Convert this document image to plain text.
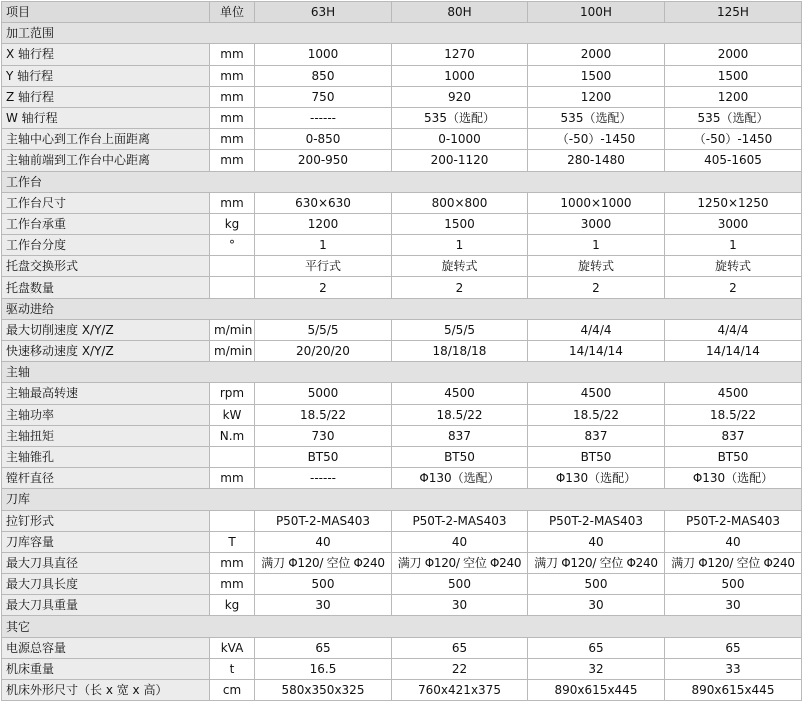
项目	单位	63H	80H	100H	125H
加工范围					
X 轴行程	mm	1000	1270	2000	2000
Y 轴行程	mm	850	1000	1500	1500
Z 轴行程	mm	750	920	1200	1200
W 轴行程	mm	------	535（选配）	535（选配）	535（选配）
主轴中心到工作台上面距离	mm	0-850	0-1000	（-50）-1450	（-50）-1450
主轴前端到工作台中心距离	mm	200-950	200-1120	280-1480	405-1605
工作台					
工作台尺寸	mm	630×630	800×800	1000×1000	1250×1250
工作台承重	kg	1200	1500	3000	3000
工作台分度	°	1	1	1	1
托盘交换形式		平行式	旋转式	旋转式	旋转式
托盘数量		2	2	2	2
驱动进给					
最大切削速度 X/Y/Z	m/min	5/5/5	5/5/5	4/4/4	4/4/4
快速移动速度 X/Y/Z	m/min	20/20/20	18/18/18	14/14/14	14/14/14
主轴					
主轴最高转速	rpm	5000	4500	4500	4500
主轴功率	kW	18.5/22	18.5/22	18.5/22	18.5/22
主轴扭矩	N.m	730	837	837	837
主轴锥孔		BT50	BT50	BT50	BT50
镗杆直径	mm	------	Φ130（选配）	Φ130（选配）	Φ130（选配）
刀库					
拉钉形式		P50T-2-MAS403	P50T-2-MAS403	P50T-2-MAS403	P50T-2-MAS403
刀库容量	T	40	40	40	40
最大刀具直径	mm	满刀 Φ120/ 空位 Φ240	满刀 Φ120/ 空位 Φ240	满刀 Φ120/ 空位 Φ240	满刀 Φ120/ 空位 Φ240
最大刀具长度	mm	500	500	500	500
最大刀具重量	kg	30	30	30	30
其它					
电源总容量	kVA	65	65	65	65
机床重量	t	16.5	22	32	33
机床外形尺寸（长 x 宽 x 高）	cm	580x350x325	760x421x375	890x615x445	890x615x445
